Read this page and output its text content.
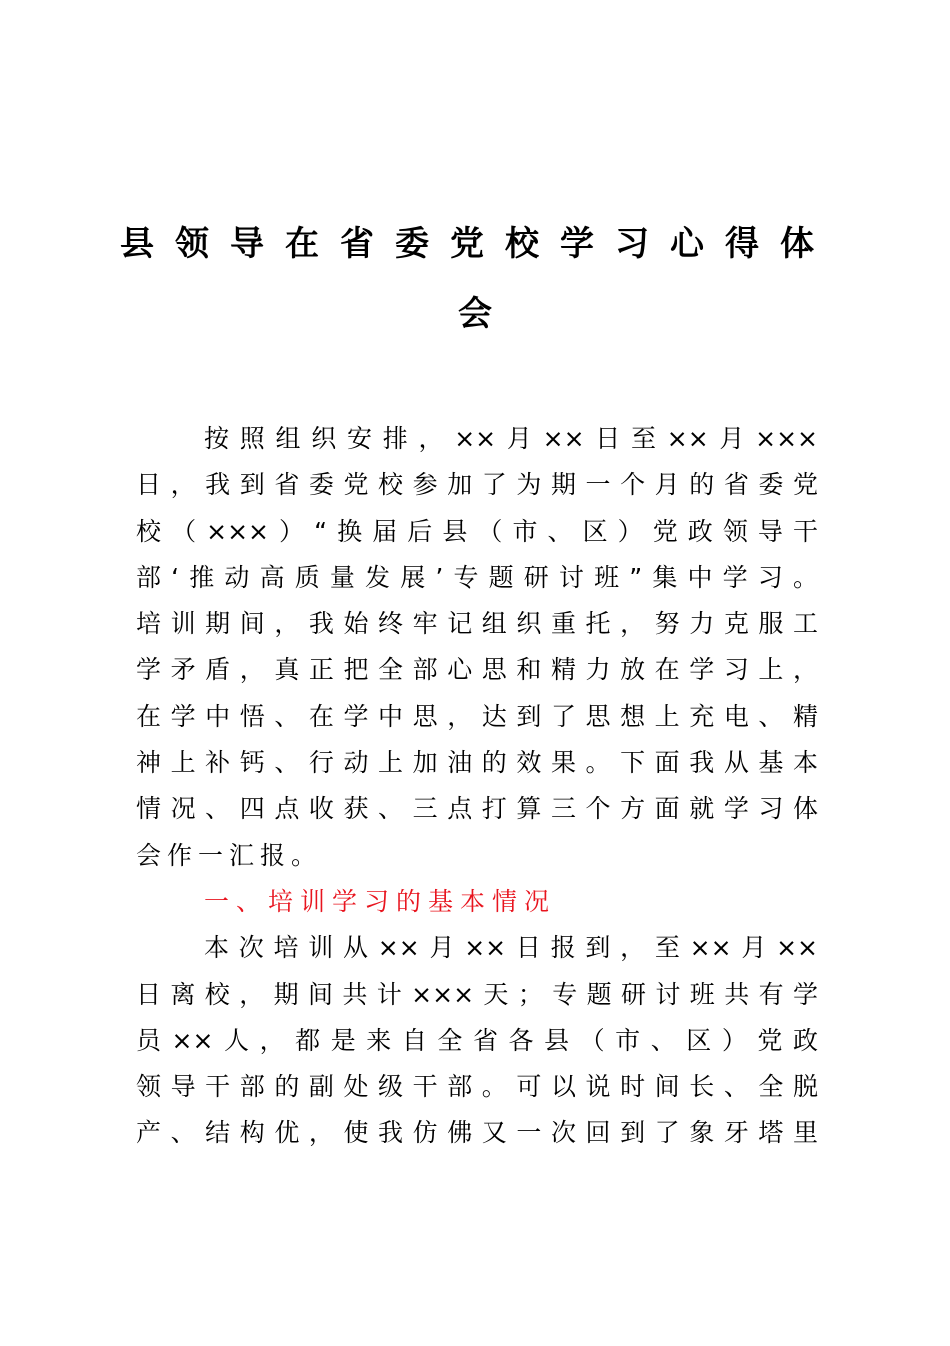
县领导在省委党校学习心得体
会
按照组织安排，××月××日至××月×××
日，我到省委党校参加了为期一个月的省委党
校（×××）“换届后县（市、区）党政领导干
部‘推动高质量发展’专题研讨班”集中学习。
培训期间，我始终牢记组织重托，努力克服工
学矛盾，真正把全部心思和精力放在学习上，
在学中悟、在学中思，达到了思想上充电、精
神上补钙、行动上加油的效果。下面我从基本
情况、四点收获、三点打算三个方面就学习体
会作一汇报。
一、培训学习的基本情况
本次培训从××月××日报到，至××月××
日离校，期间共计×××天；专题研讨班共有学
员××人，都是来自全省各县（市、区）党政
领导干部的副处级干部。可以说时间长、全脱
产、结构优，使我仿佛又一次回到了象牙塔里
